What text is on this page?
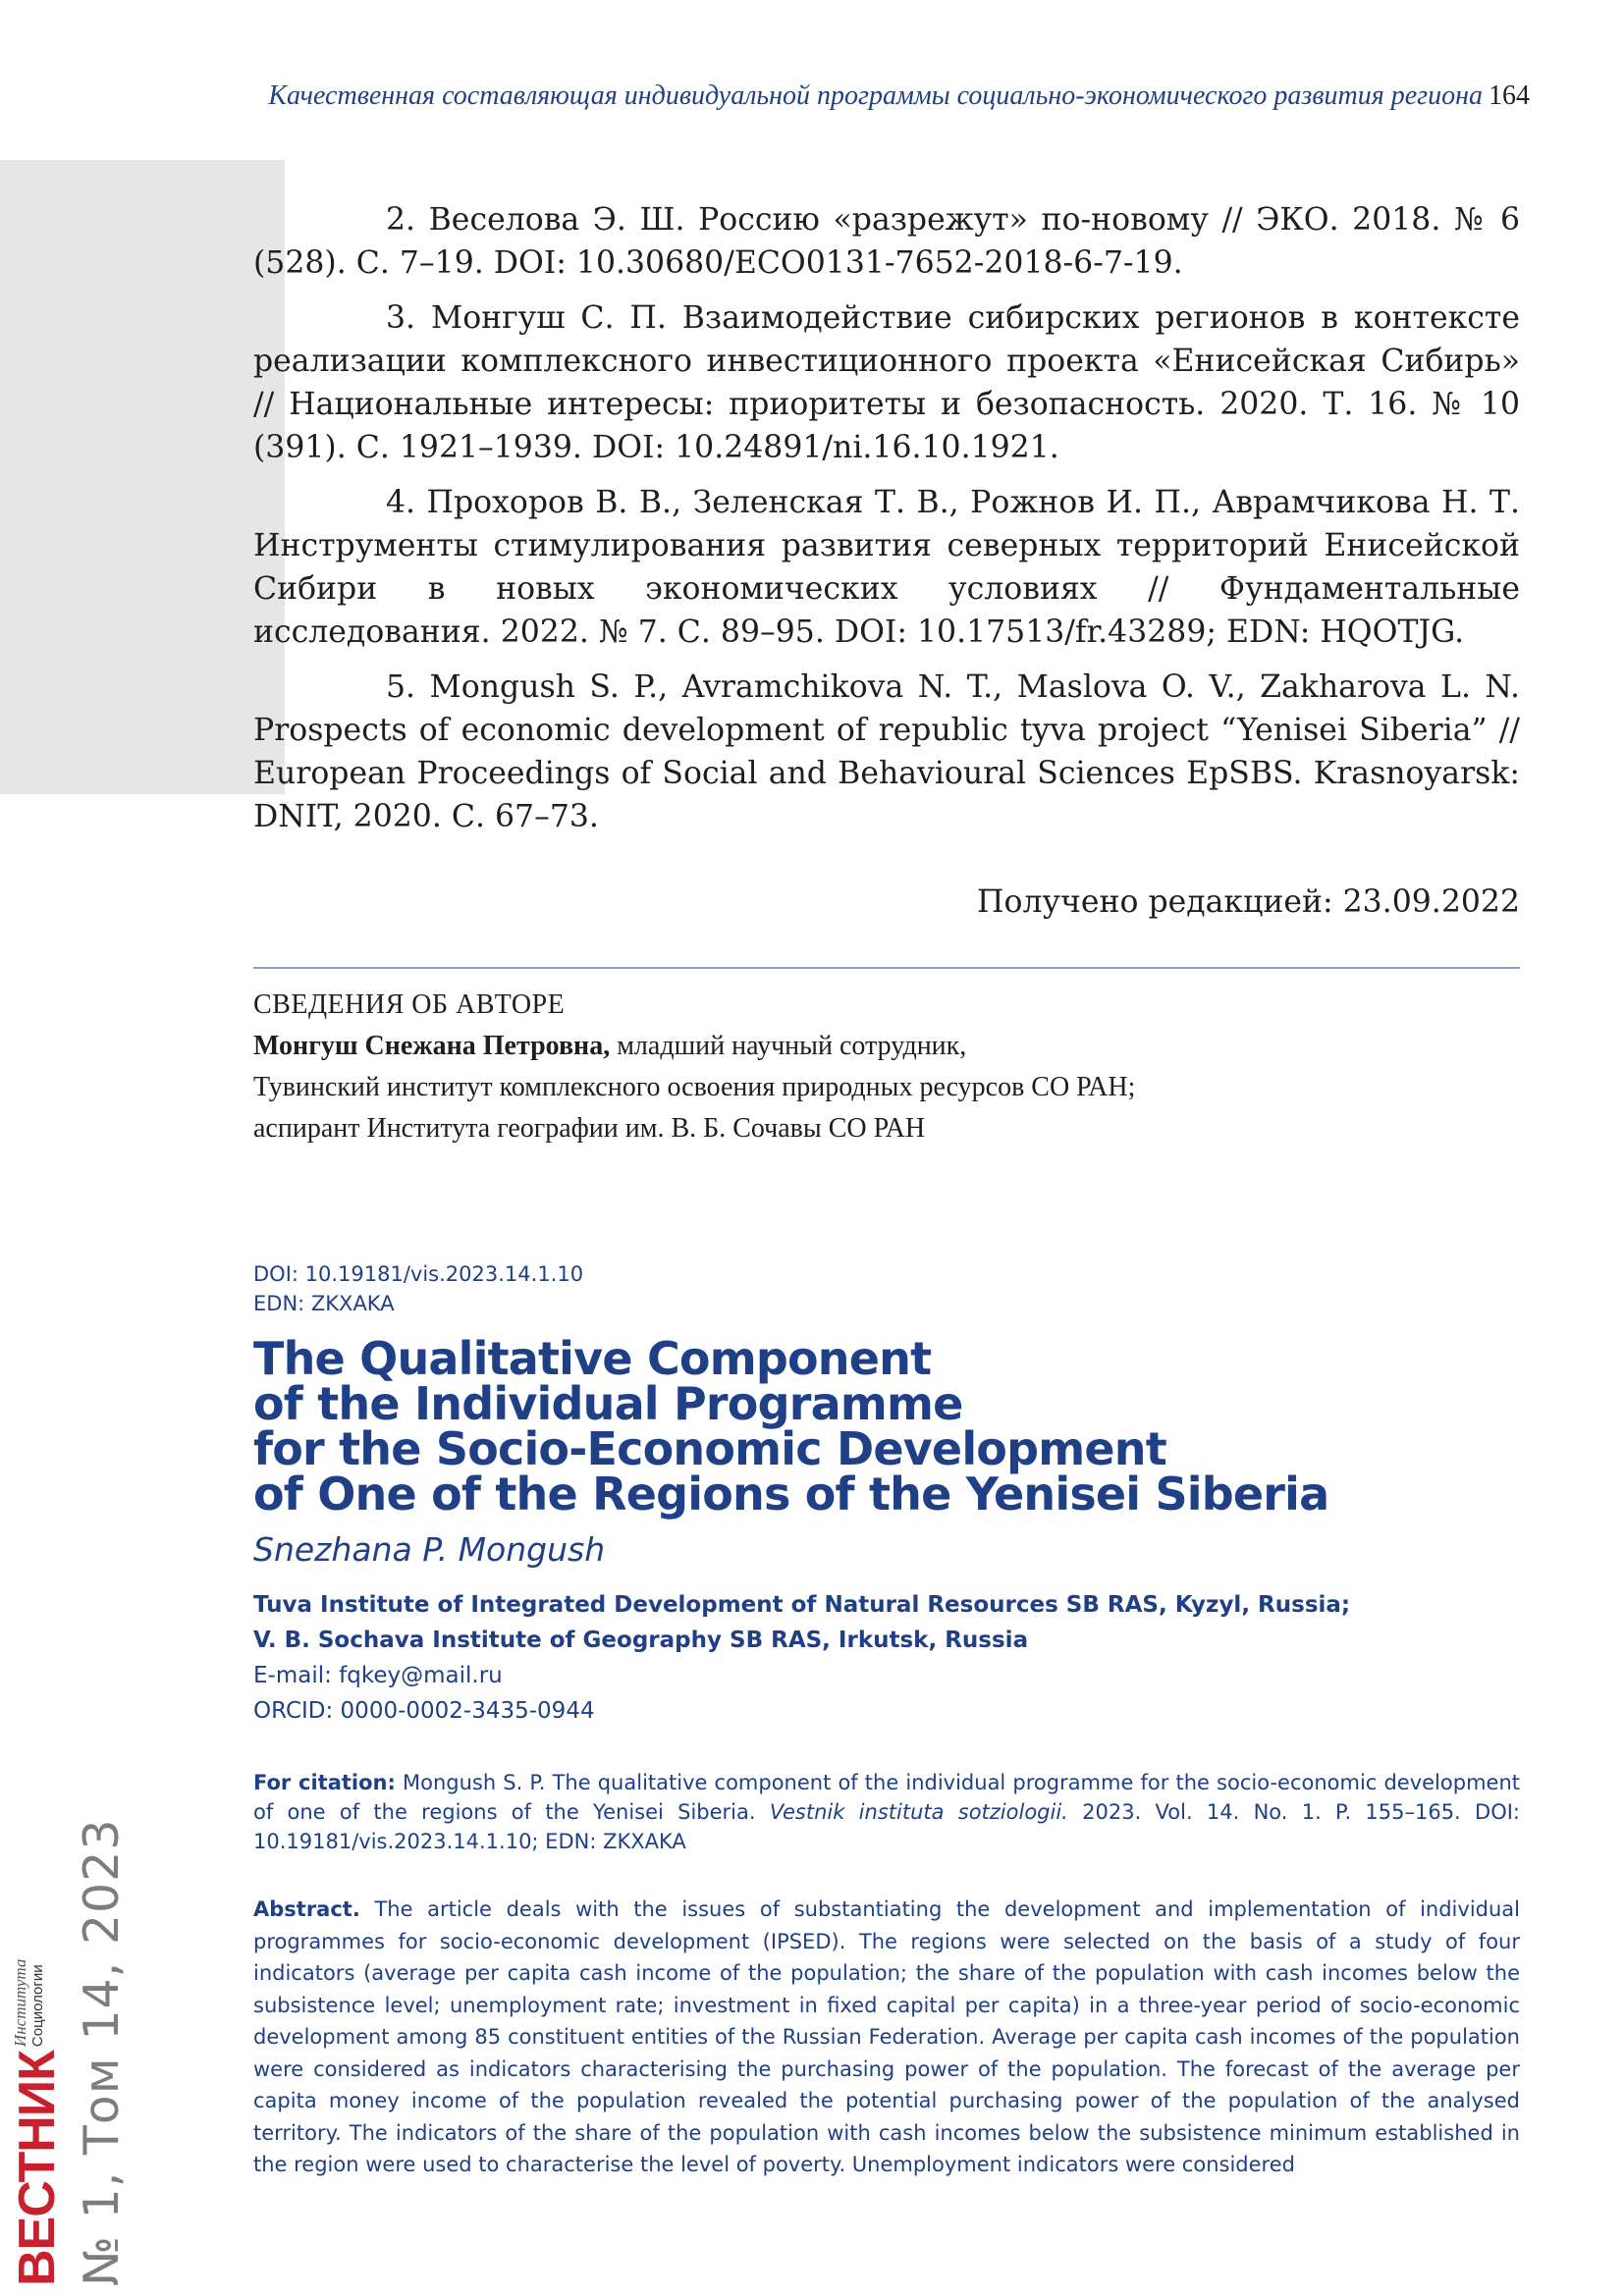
Качественная составляющая индивидуальной программы социально-экономического развития региона 164

2. Веселова Э. Ш. Россию «разрежут» по-новому // ЭКО. 2018. № 6 (528). С. 7–19. DOI: 10.30680/ЕСО0131-7652-2018-6-7-19.

3. Монгуш С. П. Взаимодействие сибирских регионов в контексте реализации комплексного инвестиционного проекта «Енисейская Сибирь» // Национальные интересы: приоритеты и безопасность. 2020. Т. 16. № 10 (391). С. 1921–1939. DOI: 10.24891/ni.16.10.1921.

4. Прохоров В. В., Зеленская Т. В., Рожнов И. П., Аврамчикова Н. Т. Инструменты стимулирования развития северных территорий Енисейской Сибири в новых экономических условиях // Фундаментальные исследования. 2022. № 7. С. 89–95. DOI: 10.17513/fr.43289; EDN: HQOTJG.

5. Mongush S. P., Avramchikova N. T., Maslova O. V., Zakharova L. N. Prospects of economic development of republic tyva project “Yenisei Siberia” // European Proceedings of Social and Behavioural Sciences EpSBS. Krasnoyarsk: DNIT, 2020. С. 67–73.

Получено редакцией: 23.09.2022
СВЕДЕНИЯ ОБ АВТОРЕ
Монгуш Снежана Петровна, младший научный сотрудник,
Тувинский институт комплексного освоения природных ресурсов СО РАН;
аспирант Института географии им. В. Б. Сочавы СО РАН
DOI: 10.19181/vis.2023.14.1.10
EDN: ZKXAKA
The Qualitative Component
of the Individual Programme
for the Socio-Economic Development
of One of the Regions of the Yenisei Siberia
Snezhana P. Mongush
Tuva Institute of Integrated Development of Natural Resources SB RAS, Kyzyl, Russia;
V. B. Sochava Institute of Geography SB RAS, Irkutsk, Russia
E-mail: fqkey@mail.ru
ORCID: 0000-0002-3435-0944
For citation: Mongush S. P. The qualitative component of the individual programme for the socio-economic development of one of the regions of the Yenisei Siberia. Vestnik instituta sotziologii. 2023. Vol. 14. No. 1. P. 155–165. DOI: 10.19181/vis.2023.14.1.10; EDN: ZKXAKA
Abstract. The article deals with the issues of substantiating the development and implementation of individual programmes for socio-economic development (IPSED). The regions were selected on the basis of a study of four indicators (average per capita cash income of the population; the share of the population with cash incomes below the subsistence level; unemployment rate; investment in fixed capital per capita) in a three-year period of socio-economic development among 85 constituent entities of the Russian Federation. Average per capita cash incomes of the population were considered as indicators characterising the purchasing power of the population. The forecast of the average per capita money income of the population revealed the potential purchasing power of the population of the analysed territory. The indicators of the share of the population with cash incomes below the subsistence minimum established in the region were used to characterise the level of poverty. Unemployment indicators were considered
ВЕСТНИКИнститута
Социологии № 1, Том 14, 2023
